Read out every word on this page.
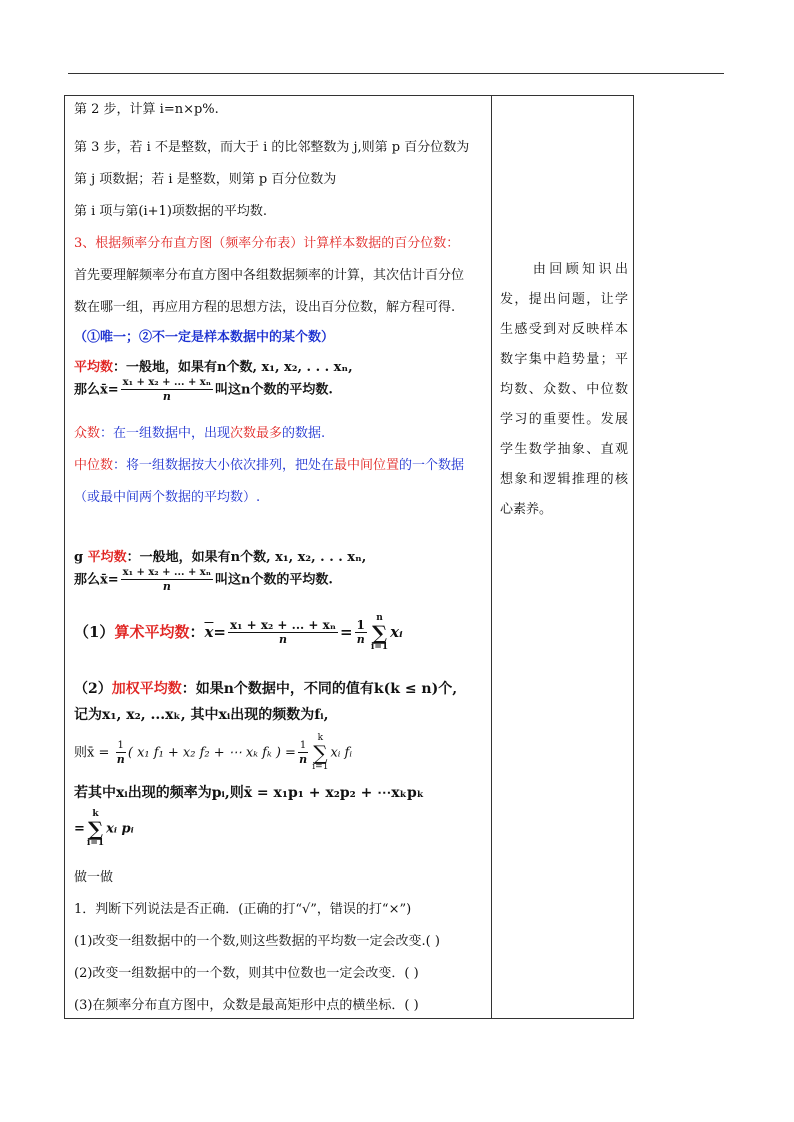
第 2 步，计算 i=n×p%.
第 3 步，若 i 不是整数，而大于 i 的比邻整数为 j,则第 p 百分位数为
第 j 项数据；若 i 是整数，则第 p 百分位数为
第 i 项与第(i+1)项数据的平均数.
3、根据频率分布直方图（频率分布表）计算样本数据的百分位数：
首先要理解频率分布直方图中各组数据频率的计算，其次估计百分位
数在哪一组，再应用方程的思想方法，设出百分位数，解方程可得.
（①唯一；②不一定是样本数据中的某个数）
平均数：一般地，如果有n个数, x₁, x₂, . . . xₙ,
那么x̄= $\frac{\text{x₁ + x₂ + ... + xₙ}}{n}$ 叫这n个数的平均数.
众数：在一组数据中，出现次数最多的数据.
中位数：将一组数据按大小依次排列，把处在最中间位置的一个数据
（或最中间两个数据的平均数）.
g 平均数：一般地，如果有n个数, x₁, x₂, . . . xₙ,
那么x̄= $\frac{\text{x₁ + x₂ + ... + xₙ}}{n}$ 叫这n个数的平均数.
（1）算术平均数：$\overline{x}= \frac{\text{x₁ + x₂ + ... + xₙ}}{n} = \frac{1}{n}$
n
∑
i=1xᵢ
（2）加权平均数：如果n个数据中，不同的值有k(k ≤ n)个,
记为x₁, x₂, ...xₖ, 其中xᵢ出现的频数为fᵢ,
则x̄ = $\frac{1}{n}$ ( x₁ f₁ + x₂ f₂ + ⋯ xₖ fₖ ) = $\frac{1}{n}$
k
∑
i=1xᵢ fᵢ
若其中xᵢ出现的频率为pᵢ,则x̄ = x₁p₁ + x₂p₂ + ⋯xₖpₖ
=k
∑
i=1xᵢ pᵢ
做一做
1．判断下列说法是否正确．(正确的打“√”，错误的打“×”)
(1)改变一组数据中的一个数,则这些数据的平均数一定会改变.( )
(2)改变一组数据中的一个数，则其中位数也一定会改变．( )
(3)在频率分布直方图中，众数是最高矩形中点的横坐标．( )
　　由回顾知识出发，提出问题，让学生感受到对反映样本数字集中趋势量；平均数、众数、中位数学习的重要性。发展学生数学抽象、直观想象和逻辑推理的核心素养。
